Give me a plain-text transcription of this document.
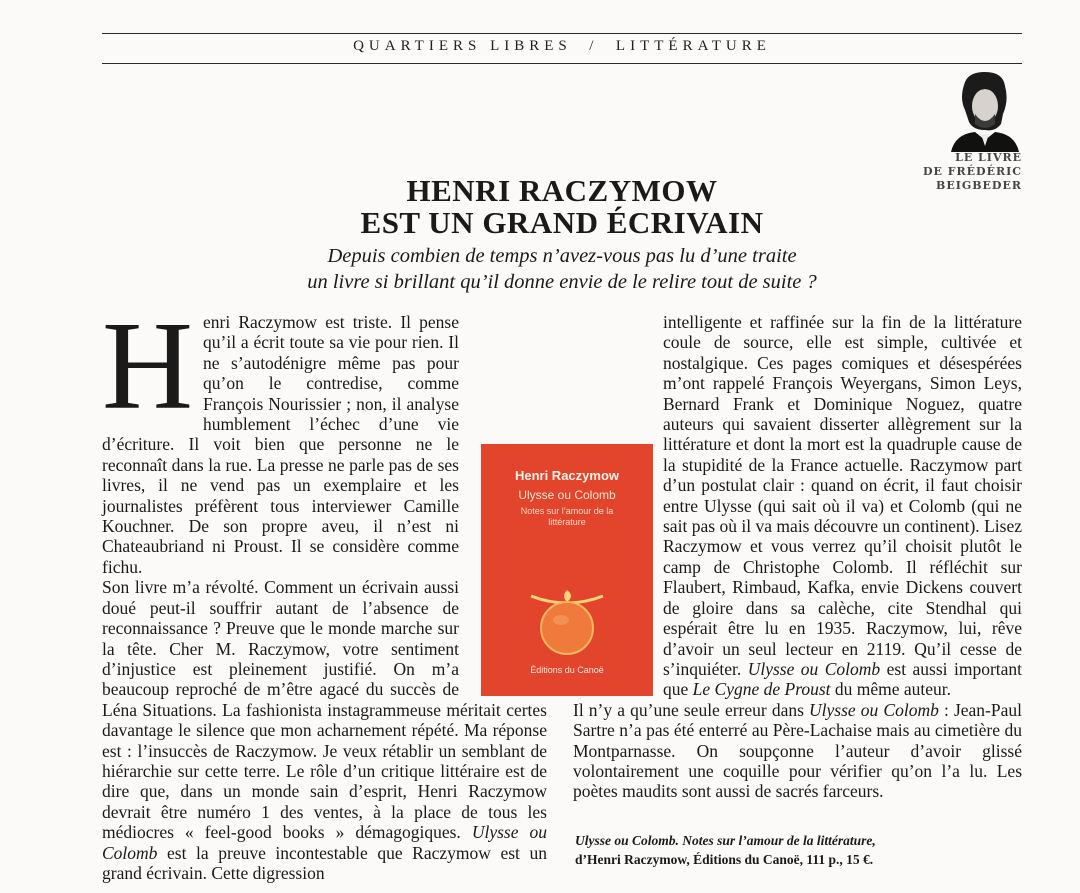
QUARTIERS LIBRES  /  LITTÉRATURE
LE LIVRE
DE FRÉDÉRIC
BEIGBEDER
HENRI RACZYMOW
EST UN GRAND ÉCRIVAIN
Depuis combien de temps n’avez-vous pas lu d’une traite
un livre si brillant qu’il donne envie de le relire tout de suite ?
H enri Raczymow est triste. Il pense qu’il a écrit toute sa vie pour rien. Il ne s’autodénigre même pas pour qu’on le contredise, comme François Nourissier ; non, il analyse humblement l’échec d’une vie d’écriture. Il voit bien que personne ne le reconnaît dans la rue. La presse ne parle pas de ses livres, il ne vend pas un exemplaire et les journalistes préfèrent tous interviewer Camille Kouchner. De son propre aveu, il n’est ni Chateaubriand ni Proust. Il se considère comme fichu.

Son livre m’a révolté. Comment un écrivain aussi doué peut-il souffrir autant de l’absence de reconnaissance ? Preuve que le monde marche sur la tête. Cher M. Raczymow, votre sentiment d’injustice est pleinement justifié. On m’a beaucoup reproché de m’être agacé du succès de Léna Situations. La fashionista instagrammeuse méritait certes davantage le silence que mon acharnement répété. Ma réponse est : l’insuccès de Raczymow. Je veux rétablir un semblant de hiérarchie sur cette terre. Le rôle d’un critique littéraire est de dire que, dans un monde sain d’esprit, Henri Raczymow devrait être numéro 1 des ventes, à la place de tous les médiocres « feel-good books » démagogiques. Ulysse ou Colomb est la preuve incontestable que Raczymow est un grand écrivain. Cette digression

intelligente et raffinée sur la fin de la littérature coule de source, elle est simple, cultivée et nostalgique. Ces pages comiques et désespérées m’ont rappelé François Weyergans, Simon Leys, Bernard Frank et Dominique Noguez, quatre auteurs qui savaient disserter allègrement sur la littérature et dont la mort est la quadruple cause de la stupidité de la France actuelle. Raczymow part d’un postulat clair : quand on écrit, il faut choisir entre Ulysse (qui sait où il va) et Colomb (qui ne sait pas où il va mais découvre un continent). Lisez Raczymow et vous verrez qu’il choisit plutôt le camp de Christophe Colomb. Il réfléchit sur Flaubert, Rimbaud, Kafka, envie Dickens couvert de gloire dans sa calèche, cite Stendhal qui espérait être lu en 1935. Raczymow, lui, rêve d’avoir un seul lecteur en 2119. Qu’il cesse de s’inquiéter. Ulysse ou Colomb est aussi important que Le Cygne de Proust du même auteur.

Il n’y a qu’une seule erreur dans Ulysse ou Colomb : Jean-Paul Sartre n’a pas été enterré au Père-Lachaise mais au cimetière du Montparnasse. On soupçonne l’auteur d’avoir glissé volontairement une coquille pour vérifier qu’on l’a lu. Les poètes maudits sont aussi de sacrés farceurs.

Henri Raczymow
Ulysse ou Colomb
Notes sur l’amour de la littérature
Éditions du Canoë
Ulysse ou Colomb. Notes sur l’amour de la littérature,
d’Henri Raczymow, Éditions du Canoë, 111 p., 15 €.
